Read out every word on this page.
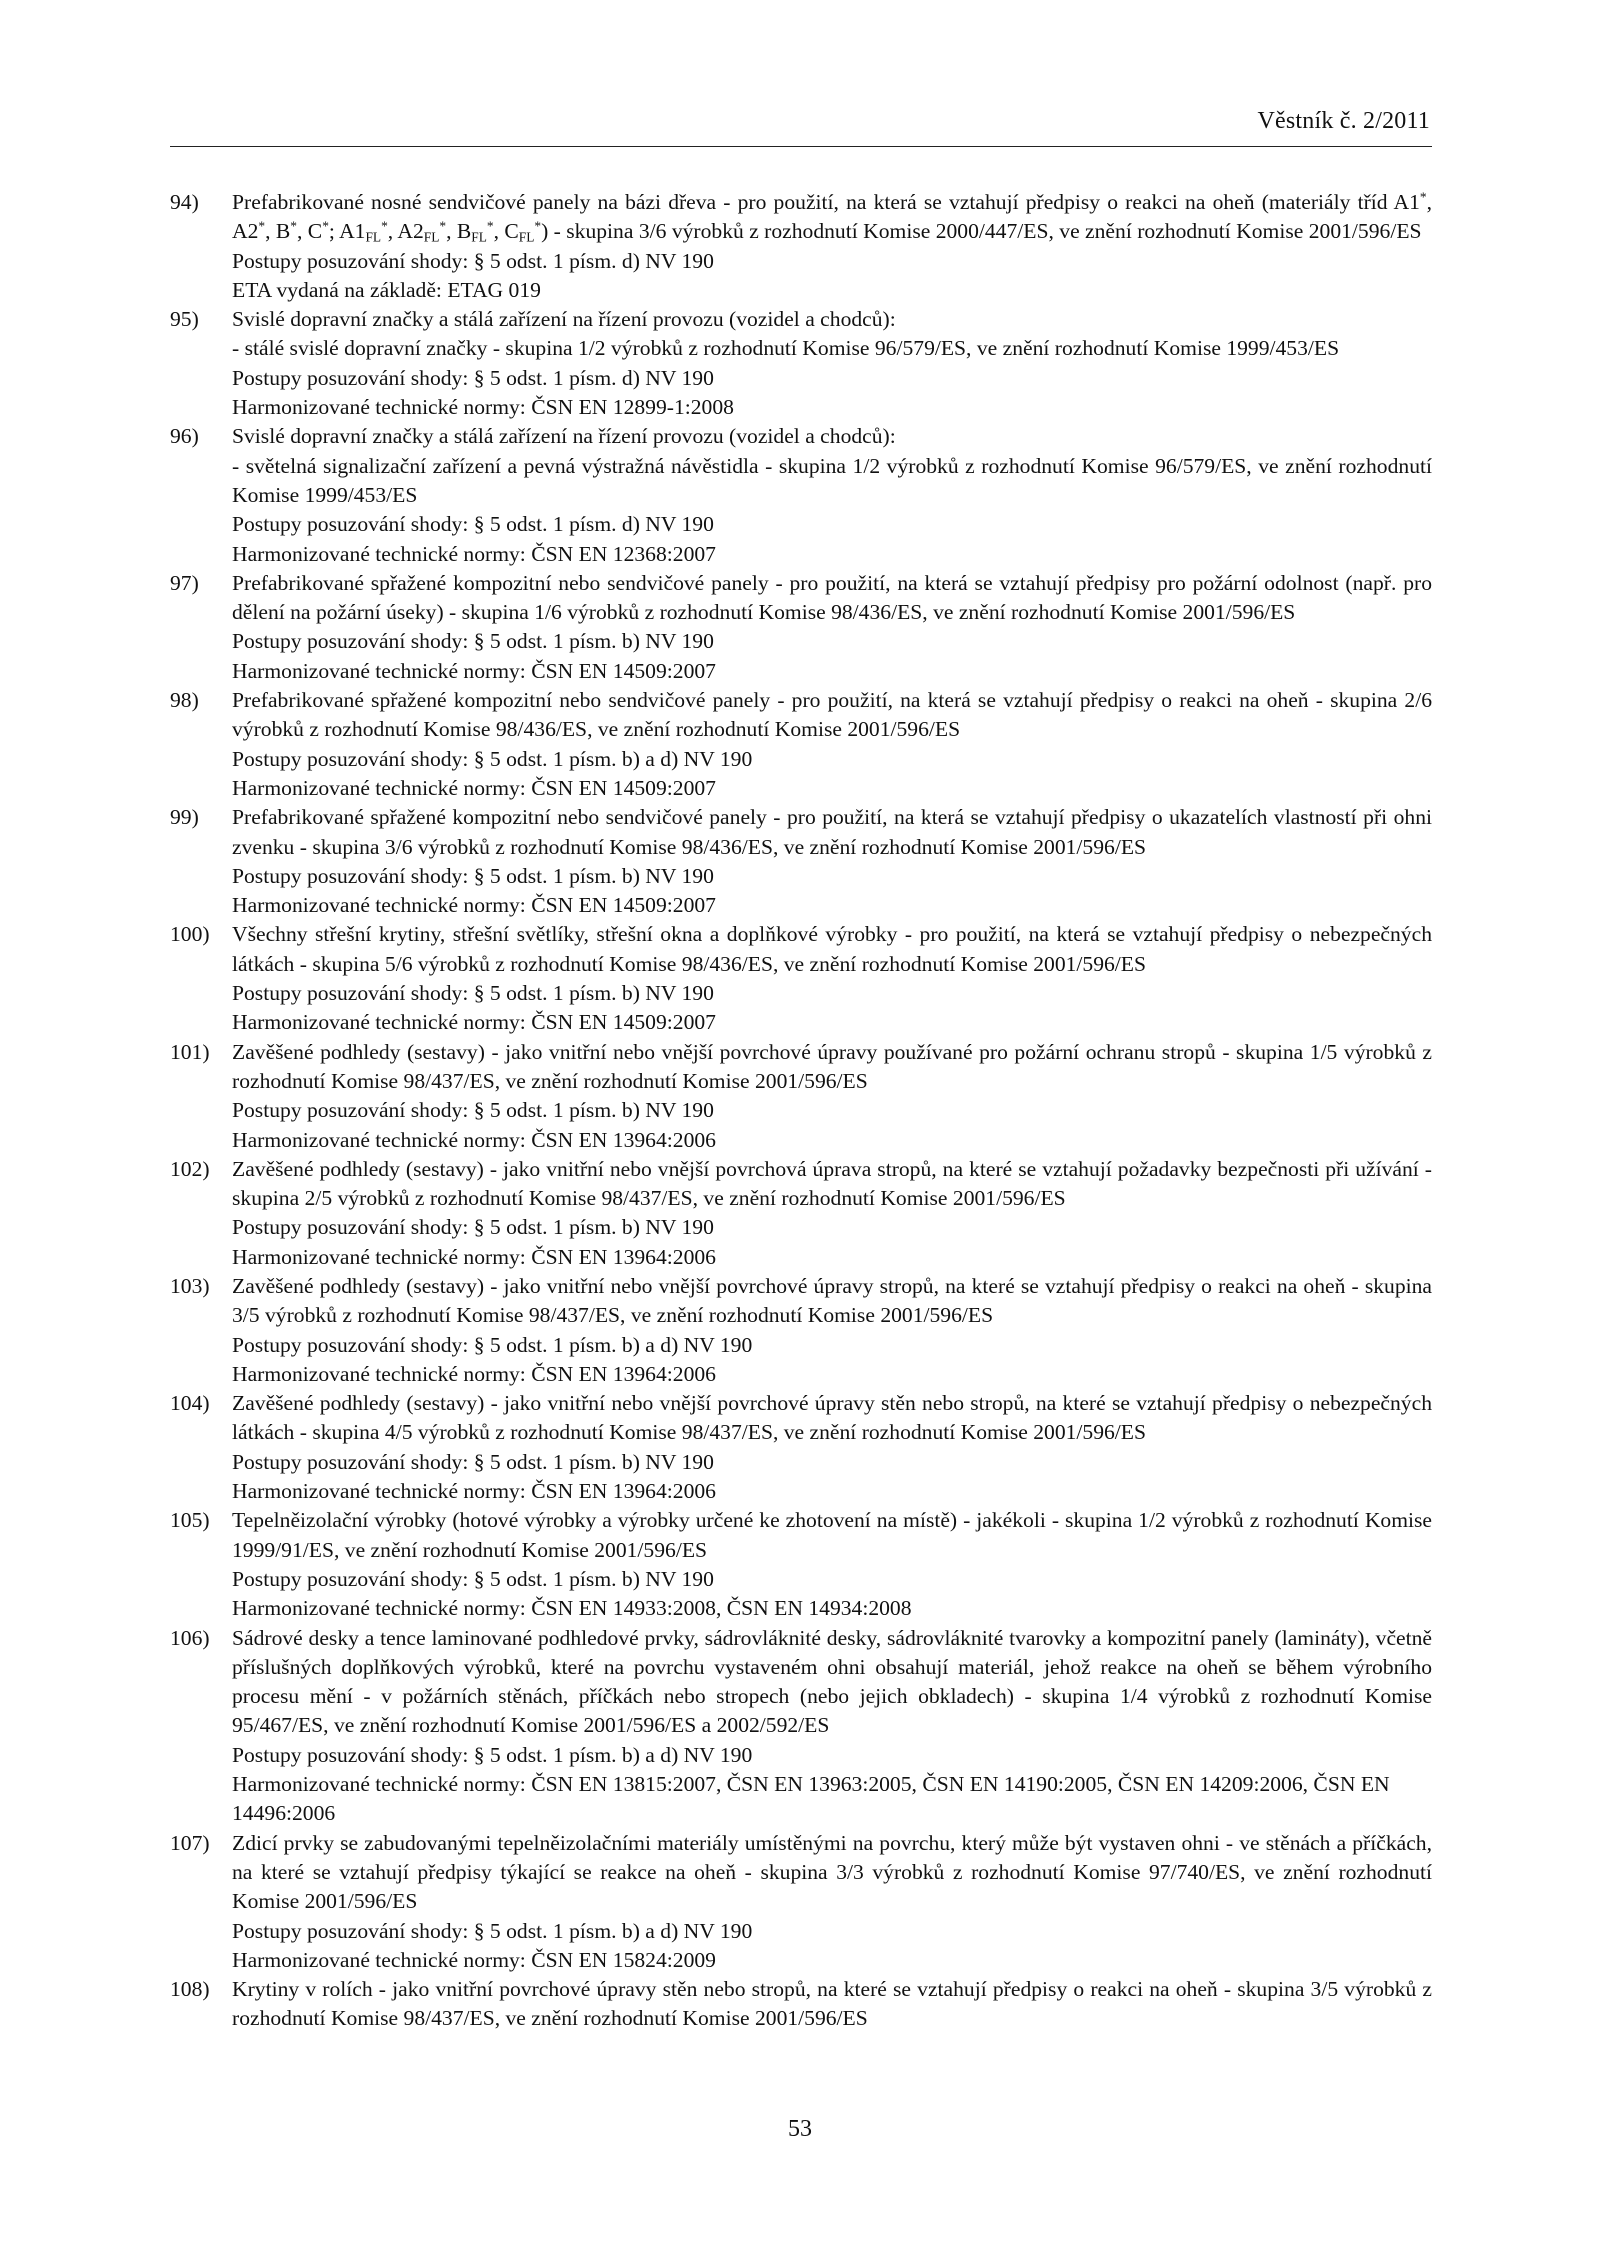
Věstník č. 2/2011
94) Prefabrikované nosné sendvičové panely na bázi dřeva - pro použití, na která se vztahují předpisy o reakci na oheň (materiály tříd A1*, A2*, B*, C*; $A1_{FL}^*$, $A2_{FL}^*$, $B_{FL}^*$, $C_{FL}^*$) - skupina 3/6 výrobků z rozhodnutí Komise 2000/447/ES, ve znění rozhodnutí Komise 2001/596/ES
Postupy posuzování shody: § 5 odst. 1 písm. d) NV 190
ETA vydaná na základě: ETAG 019
95) Svislé dopravní značky a stálá zařízení na řízení provozu (vozidel a chodců):
- stálé svislé dopravní značky - skupina 1/2 výrobků z rozhodnutí Komise 96/579/ES, ve znění rozhodnutí Komise 1999/453/ES
Postupy posuzování shody: § 5 odst. 1 písm. d) NV 190
Harmonizované technické normy: ČSN EN 12899-1:2008
96) Svislé dopravní značky a stálá zařízení na řízení provozu (vozidel a chodců):
- světelná signalizační zařízení a pevná výstražná návěstidla - skupina 1/2 výrobků z rozhodnutí Komise 96/579/ES, ve znění rozhodnutí Komise 1999/453/ES
Postupy posuzování shody: § 5 odst. 1 písm. d) NV 190
Harmonizované technické normy: ČSN EN 12368:2007
97) Prefabrikované spřažené kompozitní nebo sendvičové panely - pro použití, na která se vztahují předpisy pro požární odolnost (např. pro dělení na požární úseky) - skupina 1/6 výrobků z rozhodnutí Komise 98/436/ES, ve znění rozhodnutí Komise 2001/596/ES
Postupy posuzování shody: § 5 odst. 1 písm. b) NV 190
Harmonizované technické normy: ČSN EN 14509:2007
98) Prefabrikované spřažené kompozitní nebo sendvičové panely - pro použití, na která se vztahují předpisy o reakci na oheň - skupina 2/6 výrobků z rozhodnutí Komise 98/436/ES, ve znění rozhodnutí Komise 2001/596/ES
Postupy posuzování shody: § 5 odst. 1 písm. b) a d) NV 190
Harmonizované technické normy: ČSN EN 14509:2007
99) Prefabrikované spřažené kompozitní nebo sendvičové panely - pro použití, na která se vztahují předpisy o ukazatelích vlastností při ohni zvenku - skupina 3/6 výrobků z rozhodnutí Komise 98/436/ES, ve znění rozhodnutí Komise 2001/596/ES
Postupy posuzování shody: § 5 odst. 1 písm. b) NV 190
Harmonizované technické normy: ČSN EN 14509:2007
100) Všechny střešní krytiny, střešní světlíky, střešní okna a doplňkové výrobky - pro použití, na která se vztahují předpisy o nebezpečných látkách - skupina 5/6 výrobků z rozhodnutí Komise 98/436/ES, ve znění rozhodnutí Komise 2001/596/ES
Postupy posuzování shody: § 5 odst. 1 písm. b) NV 190
Harmonizované technické normy: ČSN EN 14509:2007
101) Zavěšené podhledy (sestavy) - jako vnitřní nebo vnější povrchové úpravy používané pro požární ochranu stropů - skupina 1/5 výrobků z rozhodnutí Komise 98/437/ES, ve znění rozhodnutí Komise 2001/596/ES
Postupy posuzování shody: § 5 odst. 1 písm. b) NV 190
Harmonizované technické normy: ČSN EN 13964:2006
102) Zavěšené podhledy (sestavy) - jako vnitřní nebo vnější povrchová úprava stropů, na které se vztahují požadavky bezpečnosti při užívání - skupina 2/5 výrobků z rozhodnutí Komise 98/437/ES, ve znění rozhodnutí Komise 2001/596/ES
Postupy posuzování shody: § 5 odst. 1 písm. b) NV 190
Harmonizované technické normy: ČSN EN 13964:2006
103) Zavěšené podhledy (sestavy) - jako vnitřní nebo vnější povrchové úpravy stropů, na které se vztahují předpisy o reakci na oheň - skupina 3/5 výrobků z rozhodnutí Komise 98/437/ES, ve znění rozhodnutí Komise 2001/596/ES
Postupy posuzování shody: § 5 odst. 1 písm. b) a d) NV 190
Harmonizované technické normy: ČSN EN 13964:2006
104) Zavěšené podhledy (sestavy) - jako vnitřní nebo vnější povrchové úpravy stěn nebo stropů, na které se vztahují předpisy o nebezpečných látkách - skupina 4/5 výrobků z rozhodnutí Komise 98/437/ES, ve znění rozhodnutí Komise 2001/596/ES
Postupy posuzování shody: § 5 odst. 1 písm. b) NV 190
Harmonizované technické normy: ČSN EN 13964:2006
105) Tepelněizolační výrobky (hotové výrobky a výrobky určené ke zhotovení na místě) - jakékoli - skupina 1/2 výrobků z rozhodnutí Komise 1999/91/ES, ve znění rozhodnutí Komise 2001/596/ES
Postupy posuzování shody: § 5 odst. 1 písm. b) NV 190
Harmonizované technické normy: ČSN EN 14933:2008, ČSN EN 14934:2008
106) Sádrové desky a tence laminované podhledové prvky, sádrovláknité desky, sádrovláknité tvarovky a kompozitní panely (lamináty), včetně příslušných doplňkových výrobků, které na povrchu vystaveném ohni obsahují materiál, jehož reakce na oheň se během výrobního procesu mění - v požárních stěnách, příčkách nebo stropech (nebo jejich obkladech) - skupina 1/4 výrobků z rozhodnutí Komise 95/467/ES, ve znění rozhodnutí Komise 2001/596/ES a 2002/592/ES
Postupy posuzování shody: § 5 odst. 1 písm. b) a d) NV 190
Harmonizované technické normy: ČSN EN 13815:2007, ČSN EN 13963:2005, ČSN EN 14190:2005, ČSN EN 14209:2006, ČSN EN 14496:2006
107) Zdicí prvky se zabudovanými tepelněizolačními materiály umístěnými na povrchu, který může být vystaven ohni - ve stěnách a příčkách, na které se vztahují předpisy týkající se reakce na oheň - skupina 3/3 výrobků z rozhodnutí Komise 97/740/ES, ve znění rozhodnutí Komise 2001/596/ES
Postupy posuzování shody: § 5 odst. 1 písm. b) a d) NV 190
Harmonizované technické normy: ČSN EN 15824:2009
108) Krytiny v rolích - jako vnitřní povrchové úpravy stěn nebo stropů, na které se vztahují předpisy o reakci na oheň - skupina 3/5 výrobků z rozhodnutí Komise 98/437/ES, ve znění rozhodnutí Komise 2001/596/ES
53
